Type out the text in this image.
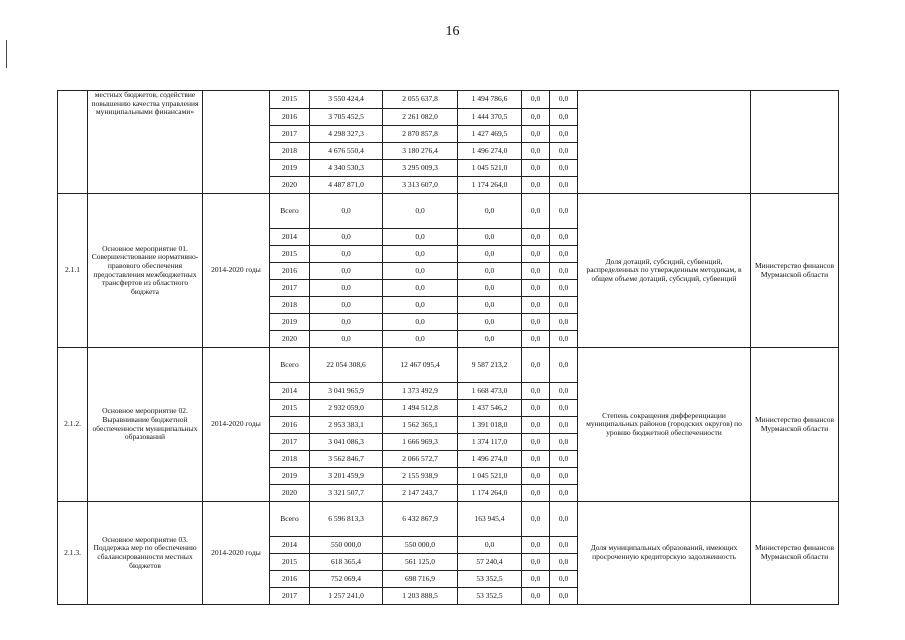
16
	местных бюджетов, содействие повышению качества управления муниципальными финансами»		2015	3 550 424,4	2 055 637,8	1 494 786,6	0,0	0,0		
			2016	3 705 452,5	2 261 082,0	1 444 370,5	0,0	0,0		
			2017	4 298 327,3	2 870 857,8	1 427 469,5	0,0	0,0		
			2018	4 676 550,4	3 180 276,4	1 496 274,0	0,0	0,0		
			2019	4 340 530,3	3 295 009,3	1 045 521,0	0,0	0,0		
			2020	4 487 871,0	3 313 607,0	1 174 264,0	0,0	0,0		
2.1.1	Основное мероприятие 01. Совершенствование нормативно-правового обеспечения предоставления межбюджетных трансфертов из областного бюджета	2014-2020 годы	Всего	0,0	0,0	0,0	0,0	0,0	Доля дотаций, субсидий, субвенций, распределенных по утвержденным методикам, в общем объеме дотаций, субсидий, субвенций	Министерство финансов Мурманской области
			2014	0,0	0,0	0,0	0,0	0,0		
			2015	0,0	0,0	0,0	0,0	0,0		
			2016	0,0	0,0	0,0	0,0	0,0		
			2017	0,0	0,0	0,0	0,0	0,0		
			2018	0,0	0,0	0,0	0,0	0,0		
			2019	0,0	0,0	0,0	0,0	0,0		
			2020	0,0	0,0	0,0	0,0	0,0		
2.1.2.	Основное мероприятие 02. Выравнивание бюджетной обеспеченности муниципальных образований	2014-2020 годы	Всего	22 054 308,6	12 467 095,4	9 587 213,2	0,0	0,0	Степень сокращения дифференциации муниципальных районов (городских округов) по уровню бюджетной обеспеченности	Министерство финансов Мурманской области
			2014	3 041 965,9	1 373 492,9	1 668 473,0	0,0	0,0		
			2015	2 932 059,0	1 494 512,8	1 437 546,2	0,0	0,0		
			2016	2 953 383,1	1 562 365,1	1 391 018,0	0,0	0,0		
			2017	3 041 086,3	1 666 969,3	1 374 117,0	0,0	0,0		
			2018	3 562 846,7	2 066 572,7	1 496 274,0	0,0	0,0		
			2019	3 201 459,9	2 155 938,9	1 045 521,0	0,0	0,0		
			2020	3 321 507,7	2 147 243,7	1 174 264,0	0,0	0,0		
2.1.3.	Основное мероприятие 03. Поддержка мер по обеспечению сбалансированности местных бюджетов	2014-2020 годы	Всего	6 596 813,3	6 432 867,9	163 945,4	0,0	0,0	Доля муниципальных образований, имеющих просроченную кредиторскую задолженность	Министерство финансов Мурманской области
			2014	550 000,0	550 000,0	0,0	0,0	0,0		
			2015	618 365,4	561 125,0	57 240,4	0,0	0,0		
			2016	752 069,4	698 716,9	53 352,5	0,0	0,0		
			2017	1 257 241,0	1 203 888,5	53 352,5	0,0	0,0		
